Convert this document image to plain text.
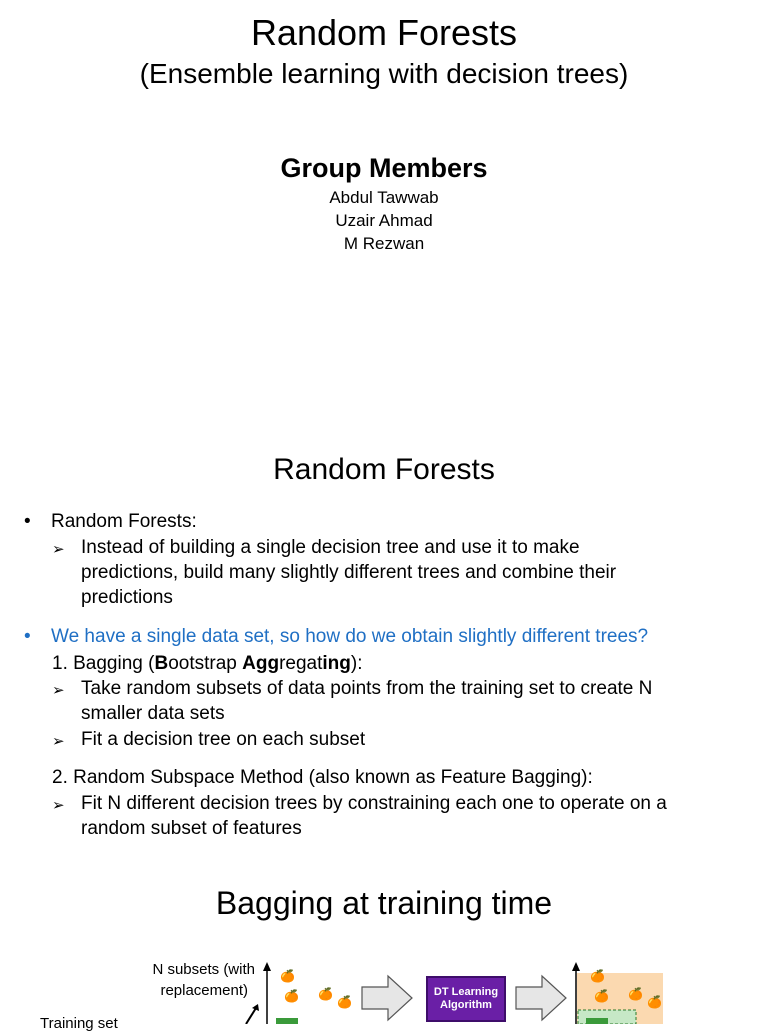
Random Forests
(Ensemble learning with decision trees)
Group Members
Abdul Tawwab
Uzair Ahmad
M Rezwan
Random Forests
• Random Forests:
➢ Instead of building a single decision tree and use it to make
predictions, build many slightly different trees and combine their
predictions
• We have a single data set, so how do we obtain slightly different trees?
1. Bagging (Bootstrap Aggregating):
➢ Take random subsets of data points from the training set to create N
smaller data sets
➢ Fit a decision tree on each subset
2. Random Subspace Method (also known as Feature Bagging):
➢ Fit N different decision trees by constraining each one to operate on a
random subset of features
Bagging at training time
N subsets (with
replacement)
Training set
DT Learning
Algorithm
🍊
🍊 🍊
🍊
🍊
🍊 🍊
🍊
